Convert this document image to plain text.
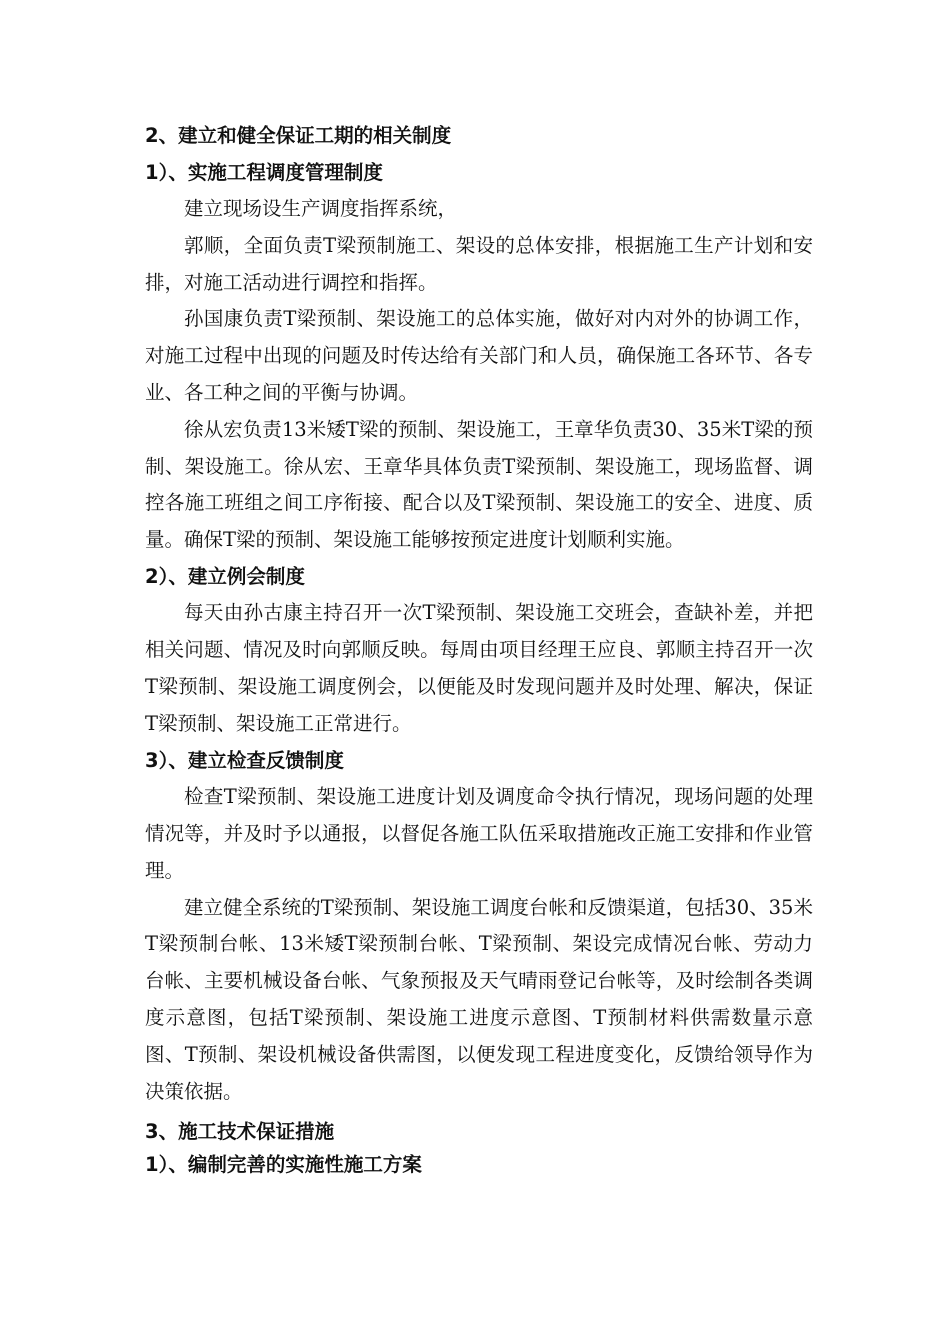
2、建立和健全保证工期的相关制度
1）、实施工程调度管理制度

建立现场设生产调度指挥系统，

郭顺，全面负责T梁预制施工、架设的总体安排，根据施工生产计划和安排，对施工活动进行调控和指挥。

孙国康负责T梁预制、架设施工的总体实施，做好对内对外的协调工作，对施工过程中出现的问题及时传达给有关部门和人员，确保施工各环节、各专业、各工种之间的平衡与协调。

徐从宏负责13米矮T梁的预制、架设施工，王章华负责30、35米T梁的预制、架设施工。徐从宏、王章华具体负责T梁预制、架设施工，现场监督、调控各施工班组之间工序衔接、配合以及T梁预制、架设施工的安全、进度、质量。确保T梁的预制、架设施工能够按预定进度计划顺利实施。

2）、建立例会制度

每天由孙古康主持召开一次T梁预制、架设施工交班会，查缺补差，并把相关问题、情况及时向郭顺反映。每周由项目经理王应良、郭顺主持召开一次T梁预制、架设施工调度例会，以便能及时发现问题并及时处理、解决，保证T梁预制、架设施工正常进行。

3）、建立检查反馈制度

检查T梁预制、架设施工进度计划及调度命令执行情况，现场问题的处理情况等，并及时予以通报，以督促各施工队伍采取措施改正施工安排和作业管理。

建立健全系统的T梁预制、架设施工调度台帐和反馈渠道，包括30、35米T梁预制台帐、13米矮T梁预制台帐、T梁预制、架设完成情况台帐、劳动力台帐、主要机械设备台帐、气象预报及天气晴雨登记台帐等，及时绘制各类调度示意图，包括T梁预制、架设施工进度示意图、T预制材料供需数量示意图、T预制、架设机械设备供需图，以便发现工程进度变化，反馈给领导作为决策依据。

3、施工技术保证措施
1）、编制完善的实施性施工方案
